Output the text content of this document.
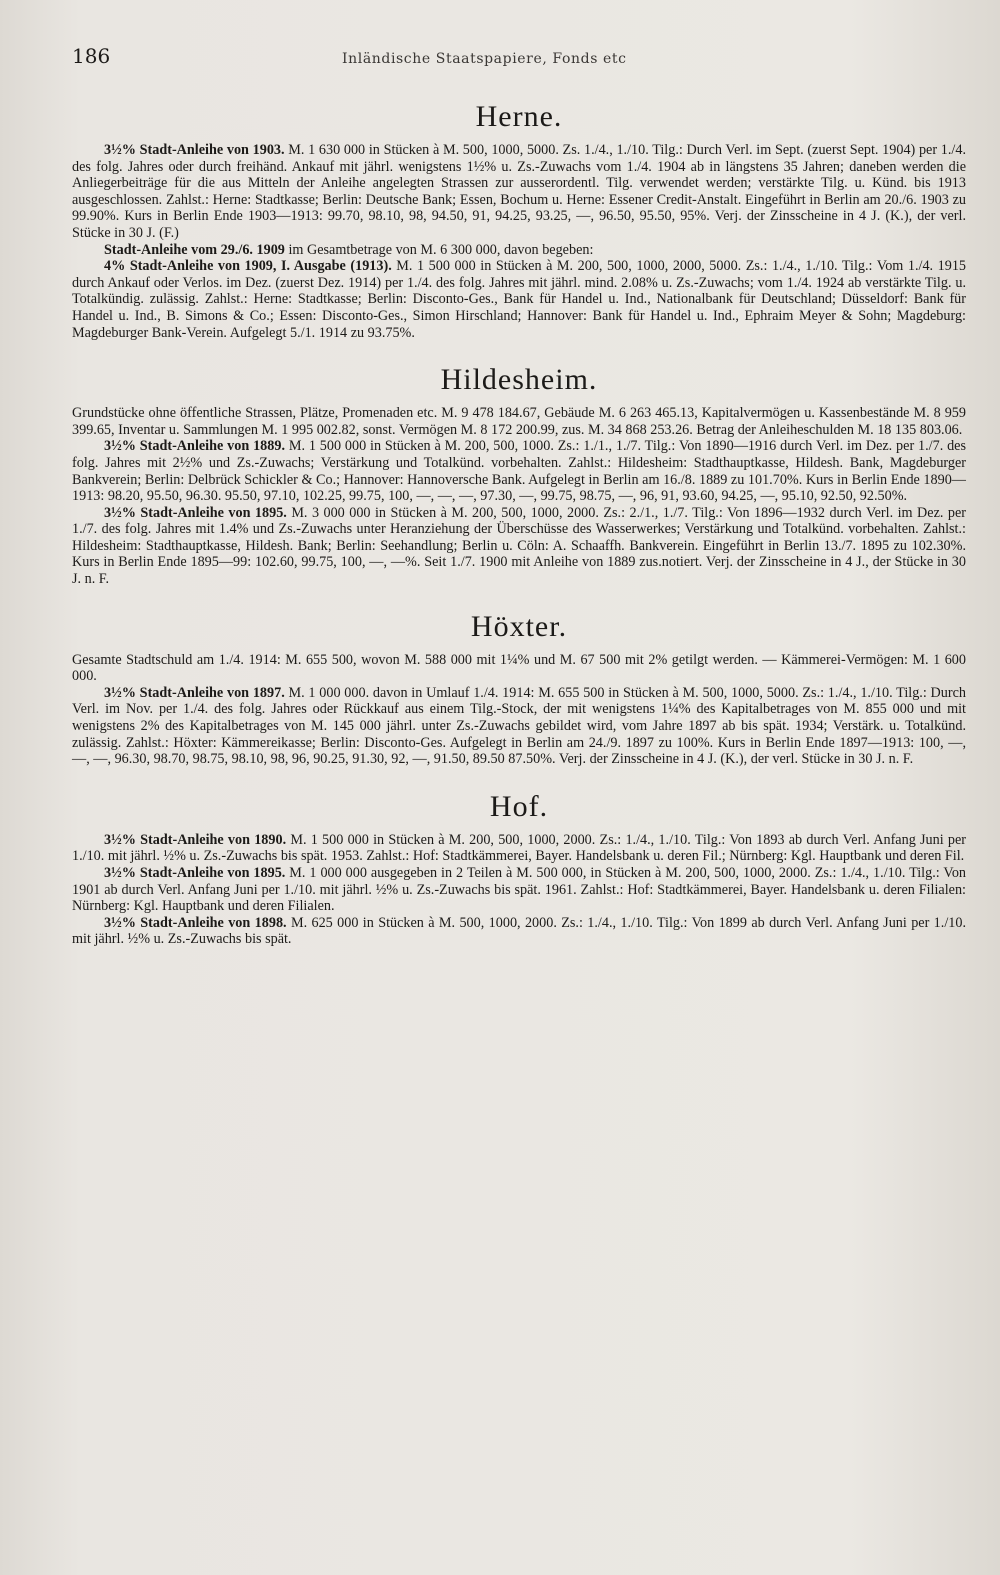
186	Inländische Staatspapiere, Fonds etc
Herne.

3½% Stadt-Anleihe von 1903. M. 1 630 000 in Stücken à M. 500, 1000, 5000. Zs. 1./4., 1./10. Tilg.: Durch Verl. im Sept. (zuerst Sept. 1904) per 1./4. des folg. Jahres oder durch freihänd. Ankauf mit jährl. wenigstens 1½% u. Zs.-Zuwachs vom 1./4. 1904 ab in längstens 35 Jahren; daneben werden die Anliegerbeiträge für die aus Mitteln der Anleihe angelegten Strassen zur ausserordentl. Tilg. verwendet werden; verstärkte Tilg. u. Künd. bis 1913 ausgeschlossen. Zahlst.: Herne: Stadtkasse; Berlin: Deutsche Bank; Essen, Bochum u. Herne: Essener Credit-Anstalt. Eingeführt in Berlin am 20./6. 1903 zu 99.90%. Kurs in Berlin Ende 1903—1913: 99.70, 98.10, 98, 94.50, 91, 94.25, 93.25, —, 96.50, 95.50, 95%. Verj. der Zinsscheine in 4 J. (K.), der verl. Stücke in 30 J. (F.)

Stadt-Anleihe vom 29./6. 1909 im Gesamtbetrage von M. 6 300 000, davon begeben:

4% Stadt-Anleihe von 1909, I. Ausgabe (1913). M. 1 500 000 in Stücken à M. 200, 500, 1000, 2000, 5000. Zs.: 1./4., 1./10. Tilg.: Vom 1./4. 1915 durch Ankauf oder Verlos. im Dez. (zuerst Dez. 1914) per 1./4. des folg. Jahres mit jährl. mind. 2.08% u. Zs.-Zuwachs; vom 1./4. 1924 ab verstärkte Tilg. u. Totalkündig. zulässig. Zahlst.: Herne: Stadtkasse; Berlin: Disconto-Ges., Bank für Handel u. Ind., Nationalbank für Deutschland; Düsseldorf: Bank für Handel u. Ind., B. Simons & Co.; Essen: Disconto-Ges., Simon Hirschland; Hannover: Bank für Handel u. Ind., Ephraim Meyer & Sohn; Magdeburg: Magdeburger Bank-Verein. Aufgelegt 5./1. 1914 zu 93.75%.

Hildesheim.

Grundstücke ohne öffentliche Strassen, Plätze, Promenaden etc. M. 9 478 184.67, Gebäude M. 6 263 465.13, Kapitalvermögen u. Kassenbestände M. 8 959 399.65, Inventar u. Sammlungen M. 1 995 002.82, sonst. Vermögen M. 8 172 200.99, zus. M. 34 868 253.26. Betrag der Anleiheschulden M. 18 135 803.06.

3½% Stadt-Anleihe von 1889. M. 1 500 000 in Stücken à M. 200, 500, 1000. Zs.: 1./1., 1./7. Tilg.: Von 1890—1916 durch Verl. im Dez. per 1./7. des folg. Jahres mit 2½% und Zs.-Zuwachs; Verstärkung und Totalkünd. vorbehalten. Zahlst.: Hildesheim: Stadthauptkasse, Hildesh. Bank, Magdeburger Bankverein; Berlin: Delbrück Schickler & Co.; Hannover: Hannoversche Bank. Aufgelegt in Berlin am 16./8. 1889 zu 101.70%. Kurs in Berlin Ende 1890—1913: 98.20, 95.50, 96.30. 95.50, 97.10, 102.25, 99.75, 100, —, —, —, 97.30, —, 99.75, 98.75, —, 96, 91, 93.60, 94.25, —, 95.10, 92.50, 92.50%.

3½% Stadt-Anleihe von 1895. M. 3 000 000 in Stücken à M. 200, 500, 1000, 2000. Zs.: 2./1., 1./7. Tilg.: Von 1896—1932 durch Verl. im Dez. per 1./7. des folg. Jahres mit 1.4% und Zs.-Zuwachs unter Heranziehung der Überschüsse des Wasserwerkes; Verstärkung und Totalkünd. vorbehalten. Zahlst.: Hildesheim: Stadthauptkasse, Hildesh. Bank; Berlin: Seehandlung; Berlin u. Cöln: A. Schaaffh. Bankverein. Eingeführt in Berlin 13./7. 1895 zu 102.30%. Kurs in Berlin Ende 1895—99: 102.60, 99.75, 100, —, —%. Seit 1./7. 1900 mit Anleihe von 1889 zus.notiert. Verj. der Zinsscheine in 4 J., der Stücke in 30 J. n. F.

Höxter.

Gesamte Stadtschuld am 1./4. 1914: M. 655 500, wovon M. 588 000 mit 1¼% und M. 67 500 mit 2% getilgt werden. — Kämmerei-Vermögen: M. 1 600 000.

3½% Stadt-Anleihe von 1897. M. 1 000 000. davon in Umlauf 1./4. 1914: M. 655 500 in Stücken à M. 500, 1000, 5000. Zs.: 1./4., 1./10. Tilg.: Durch Verl. im Nov. per 1./4. des folg. Jahres oder Rückkauf aus einem Tilg.-Stock, der mit wenigstens 1¼% des Kapitalbetrages von M. 855 000 und mit wenigstens 2% des Kapitalbetrages von M. 145 000 jährl. unter Zs.-Zuwachs gebildet wird, vom Jahre 1897 ab bis spät. 1934; Verstärk. u. Totalkünd. zulässig. Zahlst.: Höxter: Kämmereikasse; Berlin: Disconto-Ges. Aufgelegt in Berlin am 24./9. 1897 zu 100%. Kurs in Berlin Ende 1897—1913: 100, —, —, —, 96.30, 98.70, 98.75, 98.10, 98, 96, 90.25, 91.30, 92, —, 91.50, 89.50 87.50%. Verj. der Zinsscheine in 4 J. (K.), der verl. Stücke in 30 J. n. F.

Hof.

3½% Stadt-Anleihe von 1890. M. 1 500 000 in Stücken à M. 200, 500, 1000, 2000. Zs.: 1./4., 1./10. Tilg.: Von 1893 ab durch Verl. Anfang Juni per 1./10. mit jährl. ½% u. Zs.-Zuwachs bis spät. 1953. Zahlst.: Hof: Stadtkämmerei, Bayer. Handelsbank u. deren Fil.; Nürnberg: Kgl. Hauptbank und deren Fil.

3½% Stadt-Anleihe von 1895. M. 1 000 000 ausgegeben in 2 Teilen à M. 500 000, in Stücken à M. 200, 500, 1000, 2000. Zs.: 1./4., 1./10. Tilg.: Von 1901 ab durch Verl. Anfang Juni per 1./10. mit jährl. ½% u. Zs.-Zuwachs bis spät. 1961. Zahlst.: Hof: Stadtkämmerei, Bayer. Handelsbank u. deren Filialen: Nürnberg: Kgl. Hauptbank und deren Filialen.

3½% Stadt-Anleihe von 1898. M. 625 000 in Stücken à M. 500, 1000, 2000. Zs.: 1./4., 1./10. Tilg.: Von 1899 ab durch Verl. Anfang Juni per 1./10. mit jährl. ½% u. Zs.-Zuwachs bis spät.
